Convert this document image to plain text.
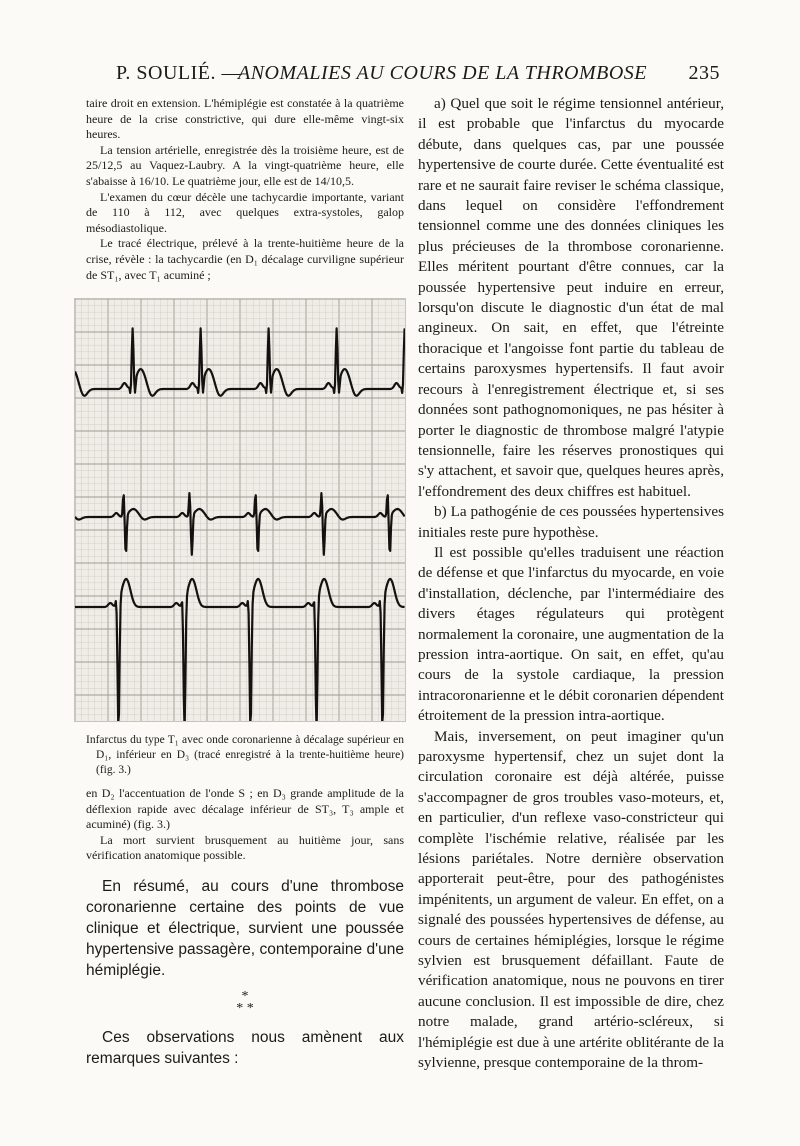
P. SOULIÉ. —
ANOMALIES AU COURS DE LA THROMBOSE 235

taire droit en extension. L'hémiplégie est constatée à la quatrième heure de la crise constrictive, qui dure elle-même vingt-six heures.

La tension artérielle, enregistrée dès la troisième heure, est de 25/12,5 au Vaquez-Laubry. A la vingt-quatrième heure, elle s'abaisse à 16/10. Le quatrième jour, elle est de 14/10,5.

L'examen du cœur décèle une tachycardie importante, variant de 110 à 112, avec quelques extra-systoles, galop mésodiastolique.

Le tracé électrique, prélevé à la trente-huitième heure de la crise, révèle : la tachycardie (en D₁ décalage curviligne supérieur de ST₁, avec T₁ acuminé ;

Infarctus du type T₁ avec onde coronarienne à décalage supérieur en D₁, inférieur en D₃ (tracé enregistré à la trente-huitième heure) (fig. 3.)

en D₂ l'accentuation de l'onde S ; en D₃ grande amplitude de la déflexion rapide avec décalage inférieur de ST₃, T₃ ample et acuminé) (fig. 3.)

La mort survient brusquement au huitième jour, sans vérification anatomique possible.

En résumé, au cours d'une thrombose coronarienne certaine des points de vue clinique et électrique, survient une poussée hypertensive passagère, contemporaine d'une hémiplégie.

*
* *

Ces observations nous amènent aux remarques suivantes :

a) Quel que soit le régime tensionnel antérieur, il est probable que l'infarctus du myocarde débute, dans quelques cas, par une poussée hypertensive de courte durée. Cette éventualité est rare et ne saurait faire reviser le schéma classique, dans lequel on considère l'effondrement tensionnel comme une des données cliniques les plus précieuses de la thrombose coronarienne. Elles méritent pourtant d'être connues, car la poussée hypertensive peut induire en erreur, lorsqu'on discute le diagnostic d'un état de mal angineux. On sait, en effet, que l'étreinte thoracique et l'angoisse font partie du tableau de certains paroxysmes hypertensifs. Il faut avoir recours à l'enregistrement électrique et, si ses données sont pathognomoniques, ne pas hésiter à porter le diagnostic de thrombose malgré l'atypie tensionnelle, faire les réserves pronostiques qui s'y attachent, et savoir que, quelques heures après, l'effondrement des deux chiffres est habituel.

b) La pathogénie de ces poussées hypertensives initiales reste pure hypothèse.

Il est possible qu'elles traduisent une réaction de défense et que l'infarctus du myocarde, en voie d'installation, déclenche, par l'intermédiaire des divers étages régulateurs qui protègent normalement la coronaire, une augmentation de la pression intra-aortique. On sait, en effet, qu'au cours de la systole cardiaque, la pression intracoronarienne et le débit coronarien dépendent étroitement de la pression intra-aortique.

Mais, inversement, on peut imaginer qu'un paroxysme hypertensif, chez un sujet dont la circulation coronaire est déjà altérée, puisse s'accompagner de gros troubles vaso-moteurs, et, en particulier, d'un reflexe vaso-constricteur qui complète l'ischémie relative, réalisée par les lésions pariétales. Notre dernière observation apporterait peut-être, pour des pathogénistes impénitents, un argument de valeur. En effet, on a signalé des poussées hypertensives de défense, au cours de certaines hémiplégies, lorsque le régime sylvien est brusquement défaillant. Faute de vérification anatomique, nous ne pouvons en tirer aucune conclusion. Il est impossible de dire, chez notre malade, grand artério-scléreux, si l'hémiplégie est due à une artérite oblitérante de la sylvienne, presque contemporaine de la throm-
